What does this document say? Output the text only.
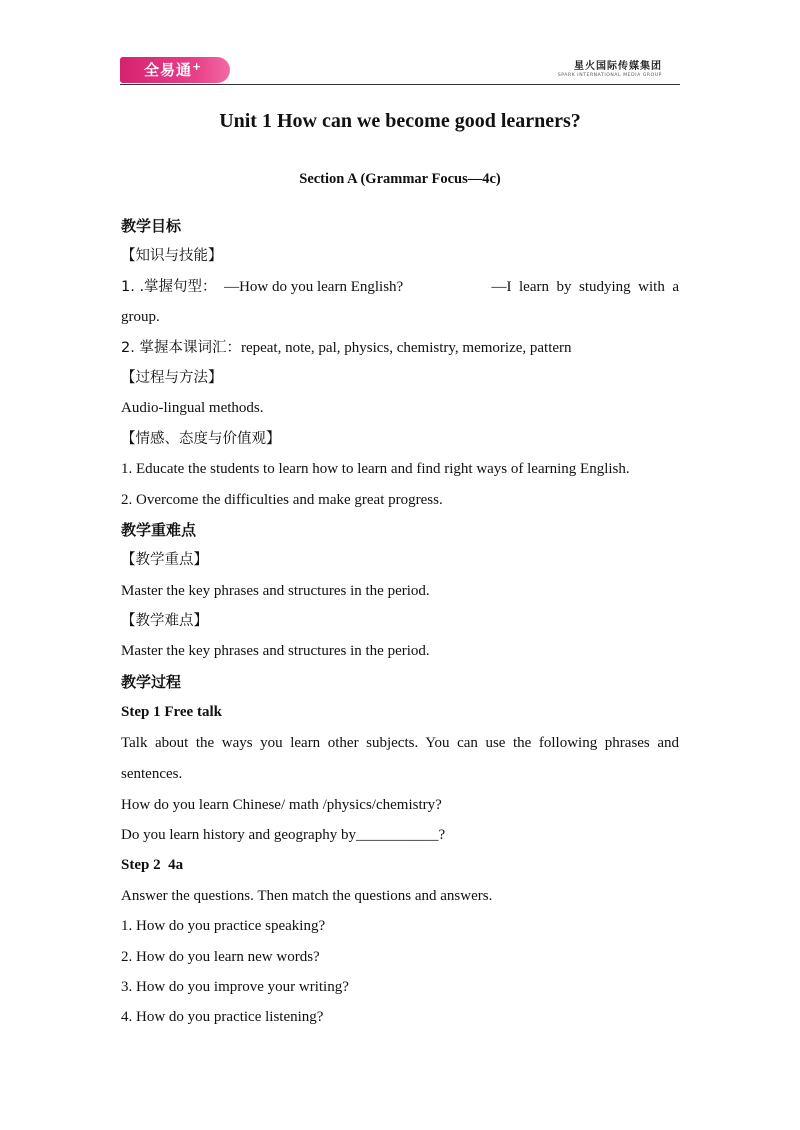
全易通+	星火国际传媒集团
SPARK INTERNATIONAL MEDIA GROUP
Unit 1 How can we become good learners?
Section A (Grammar Focus—4c)
教学目标
【知识与技能】
1. .掌握句型： —How do you learn English?	—I  learn  by  studying  with  a
group.
2. 掌握本课词汇：repeat, note, pal, physics, chemistry, memorize, pattern
【过程与方法】
Audio-lingual methods.
【情感、态度与价值观】
1. Educate the students to learn how to learn and find right ways of learning English.
2. Overcome the difficulties and make great progress.
教学重难点
【教学重点】
Master the key phrases and structures in the period.
【教学难点】
Master the key phrases and structures in the period.
教学过程
Step 1 Free talk
Talk about the ways you learn other subjects. You can use the following phrases and sentences.
How do you learn Chinese/ math /physics/chemistry?
Do you learn history and geography by___________?
Step 2  4a
Answer the questions. Then match the questions and answers.
1. How do you practice speaking?
2. How do you learn new words?
3. How do you improve your writing?
4. How do you practice listening?
